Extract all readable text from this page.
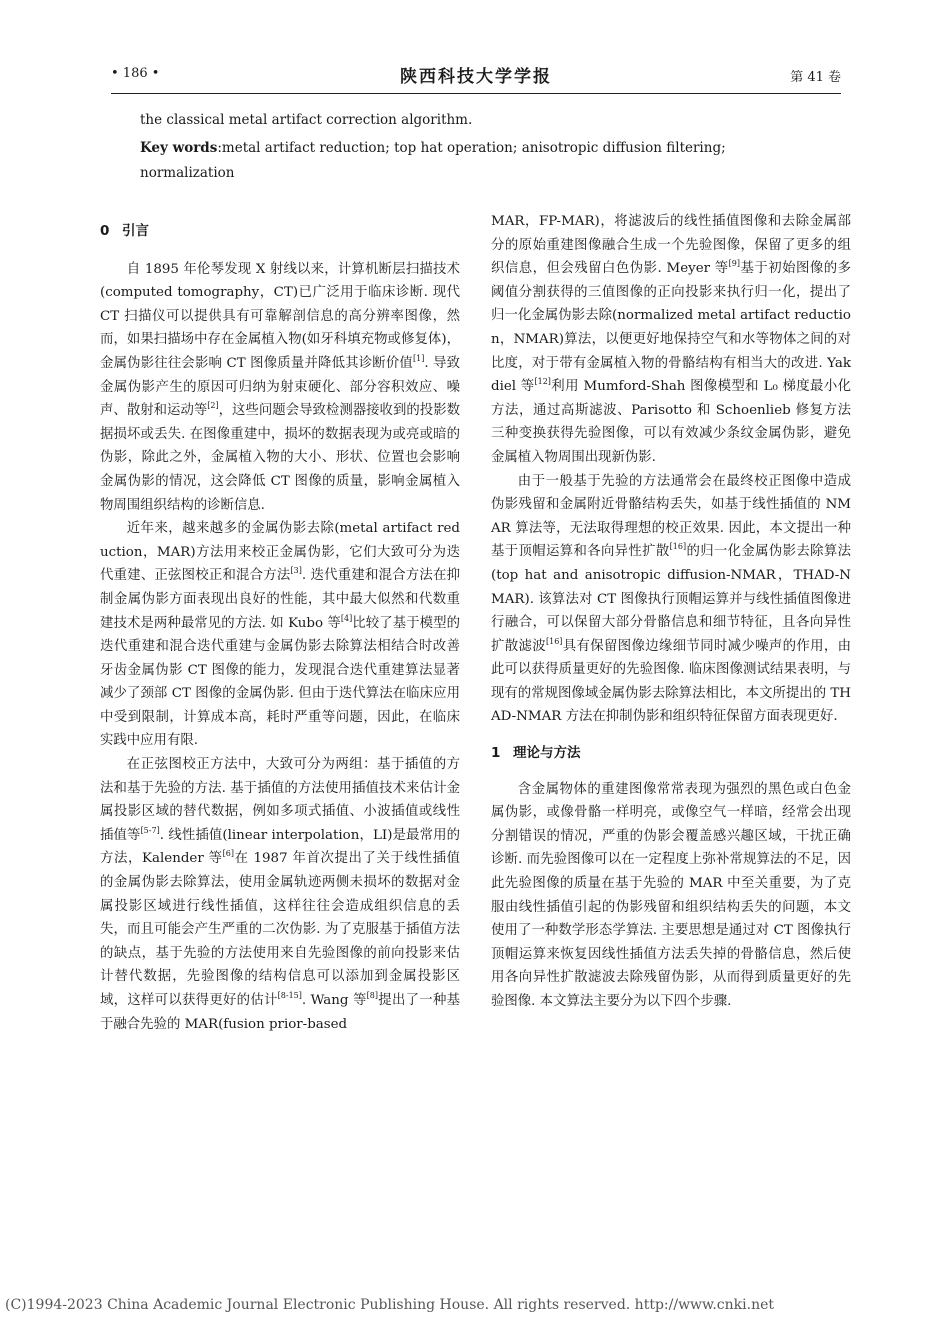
• 186 •	陕西科技大学学报	第 41 卷
the classical metal artifact correction algorithm.
Key words:metal artifact reduction; top hat operation; anisotropic diffusion filtering; normalization
0 引言

自 1895 年伦琴发现 X 射线以来，计算机断层扫描技术(computed tomography，CT)已广泛用于临床诊断. 现代 CT 扫描仪可以提供具有可靠解剖信息的高分辨率图像，然而，如果扫描场中存在金属植入物(如牙科填充物或修复体)，金属伪影往往会影响 CT 图像质量并降低其诊断价值[1]. 导致金属伪影产生的原因可归纳为射束硬化、部分容积效应、噪声、散射和运动等[2]，这些问题会导致检测器接收到的投影数据损坏或丢失. 在图像重建中，损坏的数据表现为或亮或暗的伪影，除此之外，金属植入物的大小、形状、位置也会影响金属伪影的情况，这会降低 CT 图像的质量，影响金属植入物周围组织结构的诊断信息.

近年来，越来越多的金属伪影去除(metal artifact reduction，MAR)方法用来校正金属伪影，它们大致可分为迭代重建、正弦图校正和混合方法[3]. 迭代重建和混合方法在抑制金属伪影方面表现出良好的性能，其中最大似然和代数重建技术是两种最常见的方法. 如 Kubo 等[4]比较了基于模型的迭代重建和混合迭代重建与金属伪影去除算法相结合时改善牙齿金属伪影 CT 图像的能力，发现混合迭代重建算法显著减少了颈部 CT 图像的金属伪影. 但由于迭代算法在临床应用中受到限制，计算成本高，耗时严重等问题，因此，在临床实践中应用有限.

在正弦图校正方法中，大致可分为两组：基于插值的方法和基于先验的方法. 基于插值的方法使用插值技术来估计金属投影区域的替代数据，例如多项式插值、小波插值或线性插值等[5-7]. 线性插值(linear interpolation，LI)是最常用的方法，Kalender 等[6]在 1987 年首次提出了关于线性插值的金属伪影去除算法，使用金属轨迹两侧未损坏的数据对金属投影区域进行线性插值，这样往往会造成组织信息的丢失，而且可能会产生严重的二次伪影. 为了克服基于插值方法的缺点，基于先验的方法使用来自先验图像的前向投影来估计替代数据，先验图像的结构信息可以添加到金属投影区域，这样可以获得更好的估计[8-15]. Wang 等[8]提出了一种基于融合先验的 MAR(fusion prior-based

MAR，FP-MAR)，将滤波后的线性插值图像和去除金属部分的原始重建图像融合生成一个先验图像，保留了更多的组织信息，但会残留白色伪影. Meyer 等[9]基于初始图像的多阈值分割获得的三值图像的正向投影来执行归一化，提出了归一化金属伪影去除(normalized metal artifact reduction，NMAR)算法，以便更好地保持空气和水等物体之间的对比度，对于带有金属植入物的骨骼结构有相当大的改进. Yakdiel 等[12]利用 Mumford-Shah 图像模型和 L₀ 梯度最小化方法，通过高斯滤波、Parisotto 和 Schoenlieb 修复方法三种变换获得先验图像，可以有效减少条纹金属伪影，避免金属植入物周围出现新伪影.

由于一般基于先验的方法通常会在最终校正图像中造成伪影残留和金属附近骨骼结构丢失，如基于线性插值的 NMAR 算法等，无法取得理想的校正效果. 因此，本文提出一种基于顶帽运算和各向异性扩散[16]的归一化金属伪影去除算法(top hat and anisotropic diffusion-NMAR，THAD-NMAR). 该算法对 CT 图像执行顶帽运算并与线性插值图像进行融合，可以保留大部分骨骼信息和细节特征，且各向异性扩散滤波[16]具有保留图像边缘细节同时减少噪声的作用，由此可以获得质量更好的先验图像. 临床图像测试结果表明，与现有的常规图像域金属伪影去除算法相比，本文所提出的 THAD-NMAR 方法在抑制伪影和组织特征保留方面表现更好.

1 理论与方法

含金属物体的重建图像常常表现为强烈的黑色或白色金属伪影，或像骨骼一样明亮，或像空气一样暗，经常会出现分割错误的情况，严重的伪影会覆盖感兴趣区域，干扰正确诊断. 而先验图像可以在一定程度上弥补常规算法的不足，因此先验图像的质量在基于先验的 MAR 中至关重要，为了克服由线性插值引起的伪影残留和组织结构丢失的问题，本文使用了一种数学形态学算法. 主要思想是通过对 CT 图像执行顶帽运算来恢复因线性插值方法丢失掉的骨骼信息，然后使用各向异性扩散滤波去除残留伪影，从而得到质量更好的先验图像. 本文算法主要分为以下四个步骤.

(C)1994-2023 China Academic Journal Electronic Publishing House. All rights reserved. http://www.cnki.net
